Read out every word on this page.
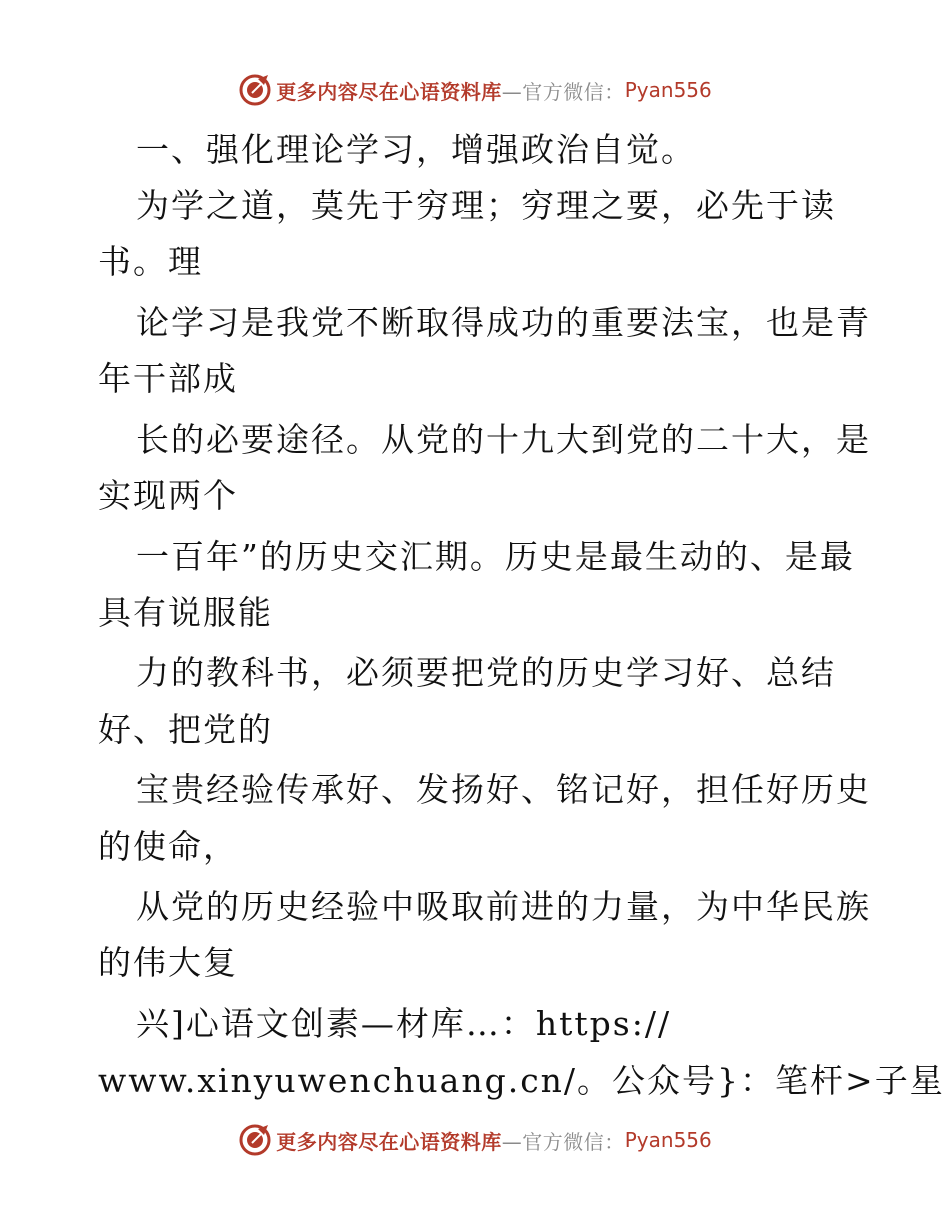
更多内容尽在心语资料库 —官方微信： Pyan556
一、强化理论学习，增强政治自觉。
为学之道，莫先于穷理；穷理之要，必先于读
书。理
论学习是我党不断取得成功的重要法宝，也是青
年干部成
长的必要途径。从党的十九大到党的二十大，是
实现两个
一百年”的历史交汇期。历史是最生动的、是最
具有说服能
力的教科书，必须要把党的历史学习好、总结
好、把党的
宝贵经验传承好、发扬好、铭记好，担任好历史
的使命，
从党的历史经验中吸取前进的力量，为中华民族
的伟大复
兴]心语文创素—材库…：https://
www.xinyuwenchuang.cn/。公众号}：笔杆>子星
更多内容尽在心语资料库 —官方微信： Pyan556
